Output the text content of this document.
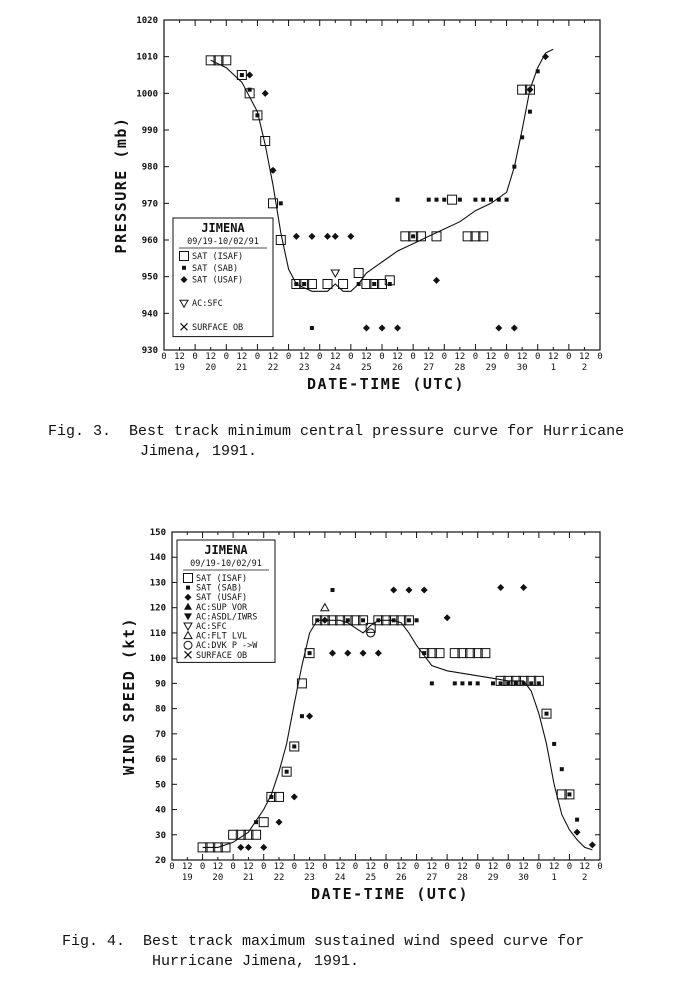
930
940
950
960
970
980
990
1000
1010
1020
0 12 0 12 0 12 0 12 0 12 0 12 0 12 0 12 0 12 0 12 0 12 0 12 0 12 0 12 0
19 20 21 22 23 24 25 26 27 28 29 30	1	2
DATE-TIME (UTC)
PRESSURE (mb)	JIMENA
09/19-10/02/91
SAT (ISAF)
SAT (SAB)
SAT (USAF)
AC:SFC
SURFACE OB
Fig. 3. Best track minimum central pressure curve for Hurricane
Jimena, 1991.
20
30
40
50
60
70
80
90
100
110
120
130
140
150
0 12 0 12 0 12 0 12 0 12 0 12 0 12 0 12 0 12 0 12 0 12 0 12 0 12 0 12 0
19 20 21 22 23 24 25 26 27 28 29 30 1	2
DATE-TIME (UTC)
WIND SPEED (kt)
JIMENA
09/19-10/02/91
SAT (ISAF)
SAT (SAB)
SAT (USAF)
AC:SUP VOR
AC:ASDL/IWRS
AC:SFC
AC:FLT LVL
AC:DVK P ->W
SURFACE OB
Fig. 4. Best track maximum sustained wind speed curve for
Hurricane Jimena, 1991.
